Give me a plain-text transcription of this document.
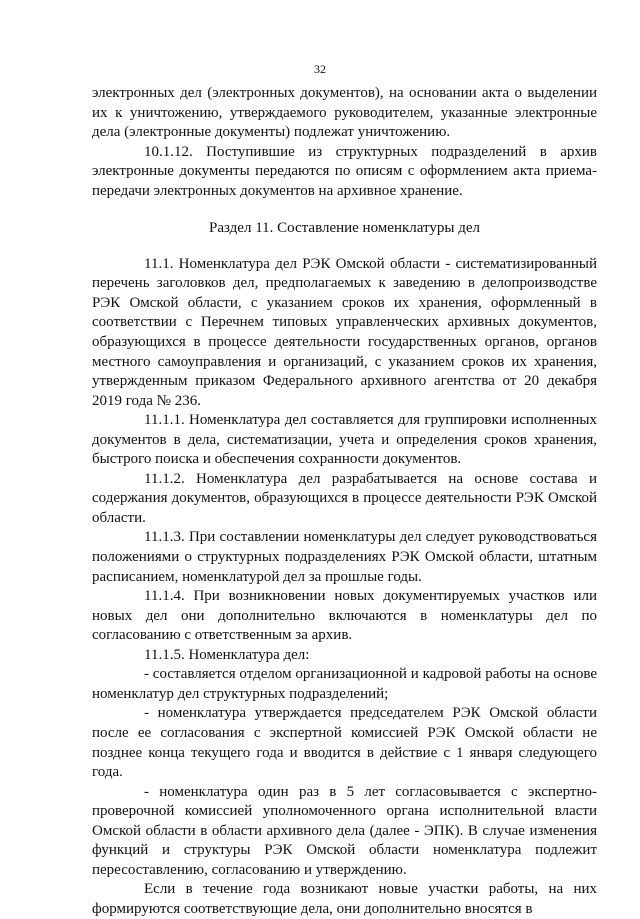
32

электронных дел (электронных документов), на основании акта о выделении их к уничтожению, утверждаемого руководителем, указанные электронные дела (электронные документы) подлежат уничтожению.

10.1.12. Поступившие из структурных подразделений в архив электронные документы передаются по описям с оформлением акта приема-передачи электронных документов на архивное хранение.

Раздел 11. Составление номенклатуры дел

11.1. Номенклатура дел РЭК Омской области - систематизированный перечень заголовков дел, предполагаемых к заведению в делопроизводстве РЭК Омской области, с указанием сроков их хранения, оформленный в соответствии с Перечнем типовых управленческих архивных документов, образующихся в процессе деятельности государственных органов, органов местного самоуправления и организаций, с указанием сроков их хранения, утвержденным приказом Федерального архивного агентства от 20 декабря 2019 года № 236.

11.1.1. Номенклатура дел составляется для группировки исполненных документов в дела, систематизации, учета и определения сроков хранения, быстрого поиска и обеспечения сохранности документов.

11.1.2. Номенклатура дел разрабатывается на основе состава и содержания документов, образующихся в процессе деятельности РЭК Омской области.

11.1.3. При составлении номенклатуры дел следует руководствоваться положениями о структурных подразделениях РЭК Омской области, штатным расписанием, номенклатурой дел за прошлые годы.

11.1.4. При возникновении новых документируемых участков или новых дел они дополнительно включаются в номенклатуры дел по согласованию с ответственным за архив.

11.1.5. Номенклатура дел:

- составляется отделом организационной и кадровой работы на основе номенклатур дел структурных подразделений;

- номенклатура утверждается председателем РЭК Омской области после ее согласования с экспертной комиссией РЭК Омской области не позднее конца текущего года и вводится в действие с 1 января следующего года.

- номенклатура один раз в 5 лет согласовывается с экспертно-проверочной комиссией уполномоченного органа исполнительной власти Омской области в области архивного дела (далее - ЭПК). В случае изменения функций и структуры РЭК Омской области номенклатура подлежит пересоставлению, согласованию и утверждению.

Если в течение года возникают новые участки работы, на них формируются соответствующие дела, они дополнительно вносятся в
